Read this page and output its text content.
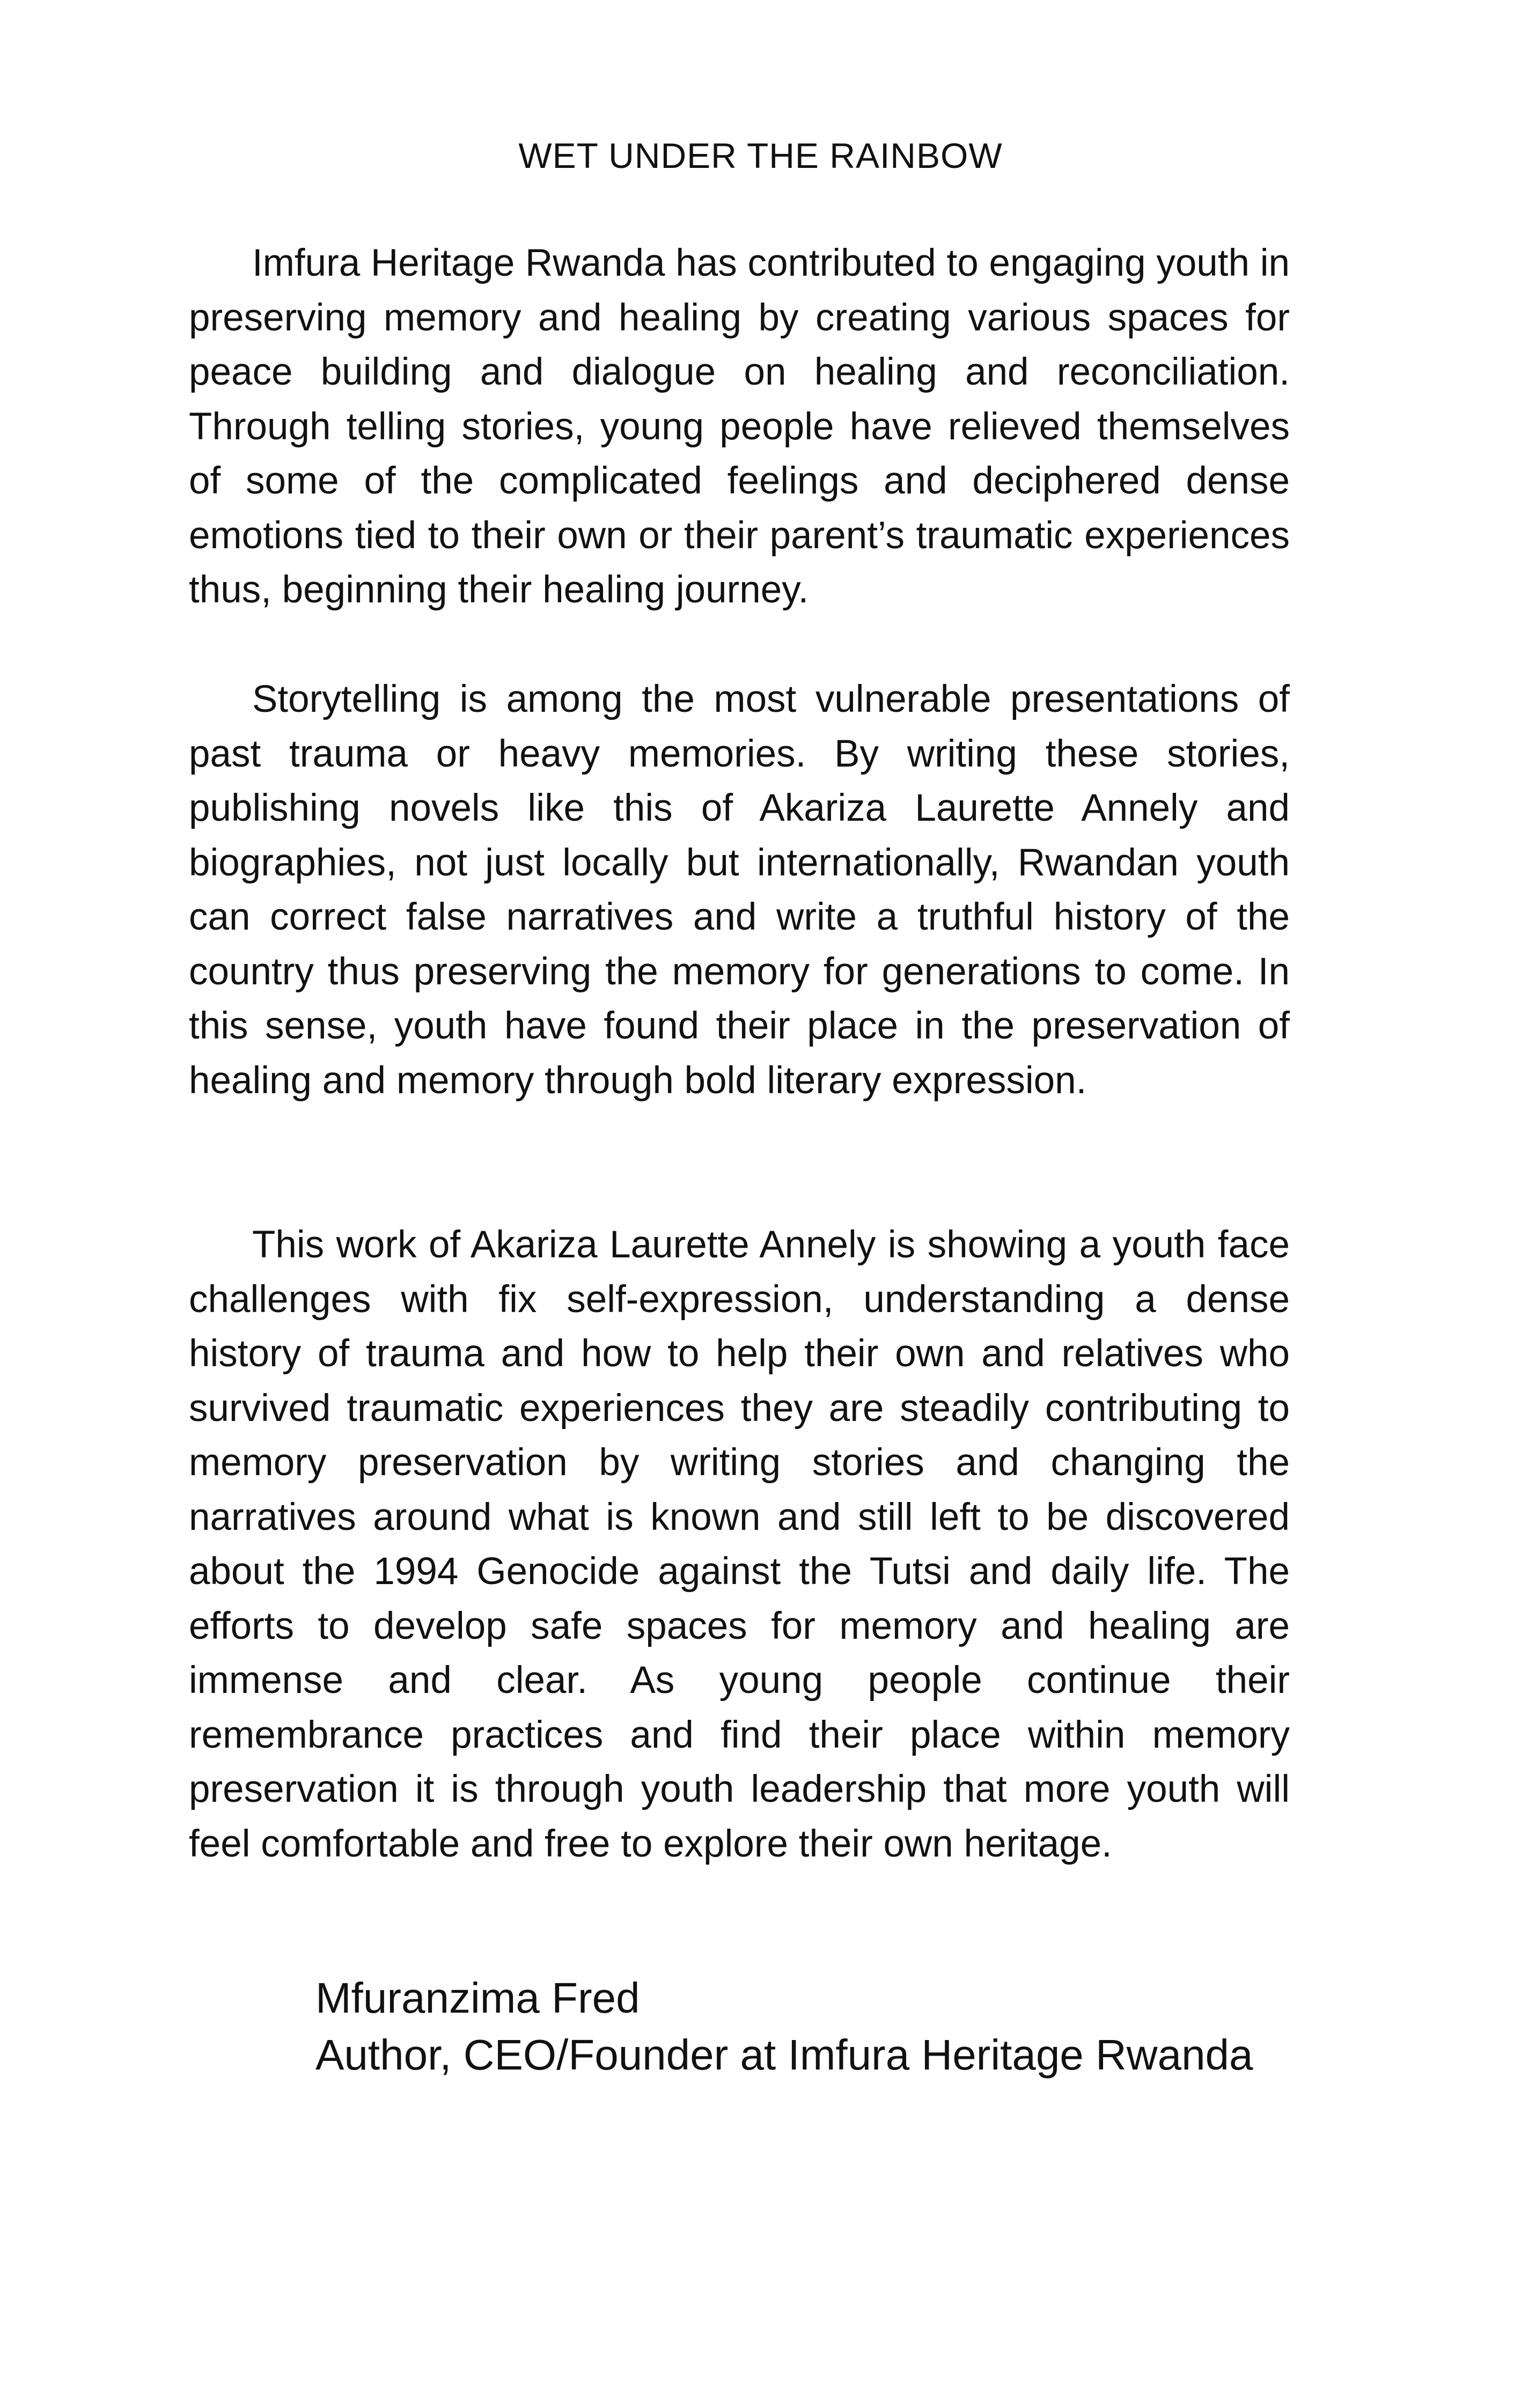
WET UNDER THE RAINBOW

Imfura Heritage Rwanda has contributed to engaging youth in preserving memory and healing by creating various spaces for peace building and dialogue on healing and reconciliation. Through telling stories, young people have relieved themselves of some of the complicated feelings and deciphered dense emotions tied to their own or their parent’s traumatic experiences thus, beginning their healing journey.

Storytelling is among the most vulnerable presentations of past trauma or heavy memories. By writing these stories, publishing novels like this of Akariza Laurette Annely and biographies, not just locally but internationally, Rwandan youth can correct false narratives and write a truthful history of the country thus preserving the memory for generations to come. In this sense, youth have found their place in the preservation of healing and memory through bold literary expression.

This work of Akariza Laurette Annely is showing a youth face challenges with fix self-expression, understanding a dense history of trauma and how to help their own and relatives who survived traumatic experiences they are steadily contributing to memory preservation by writing stories and changing the narratives around what is known and still left to be discovered about the 1994 Genocide against the Tutsi and daily life. The efforts to develop safe spaces for memory and healing are immense and clear. As young people continue their remembrance practices and find their place within memory preservation it is through youth leadership that more youth will feel comfortable and free to explore their own heritage.

Mfuranzima Fred
Author, CEO/Founder at Imfura Heritage Rwanda
